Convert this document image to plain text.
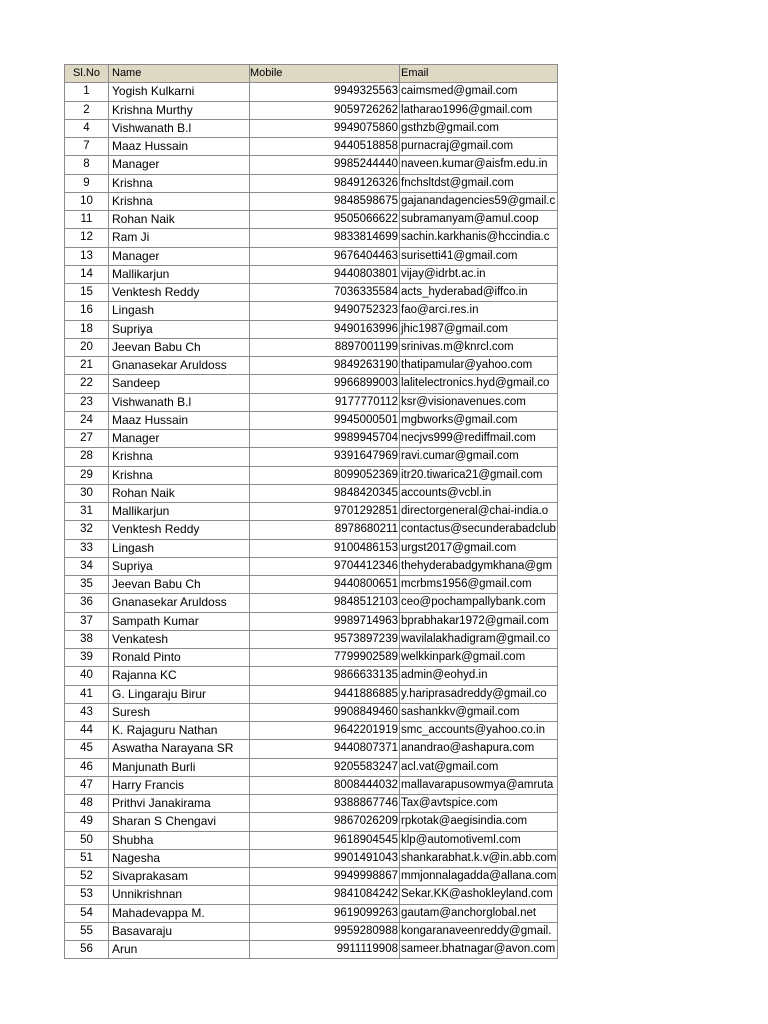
Sl.No	Name	Mobile	Email
1	Yogish Kulkarni	9949325563	caimsmed@gmail.com
2	Krishna Murthy	9059726262	latharao1996@gmail.com
4	Vishwanath B.l	9949075860	gsthzb@gmail.com
7	Maaz Hussain	9440518858	purnacraj@gmail.com
8	Manager	9985244440	naveen.kumar@aisfm.edu.in
9	Krishna	9849126326	fnchsltdst@gmail.com
10	Krishna	9848598675	gajanandagencies59@gmail.c
11	Rohan Naik	9505066622	subramanyam@amul.coop
12	Ram Ji	9833814699	sachin.karkhanis@hccindia.c
13	Manager	9676404463	surisetti41@gmail.com
14	Mallikarjun	9440803801	vijay@idrbt.ac.in
15	Venktesh Reddy	7036335584	acts_hyderabad@iffco.in
16	Lingash	9490752323	fao@arci.res.in
18	Supriya	9490163996	jhic1987@gmail.com
20	Jeevan Babu Ch	8897001199	srinivas.m@knrcl.com
21	Gnanasekar Aruldoss	9849263190	thatipamular@yahoo.com
22	Sandeep	9966899003	lalitelectronics.hyd@gmail.co
23	Vishwanath B.l	9177770112	ksr@visionavenues.com
24	Maaz Hussain	9945000501	mgbworks@gmail.com
27	Manager	9989945704	necjvs999@rediffmail.com
28	Krishna	9391647969	ravi.cumar@gmail.com
29	Krishna	8099052369	itr20.tiwarica21@gmail.com
30	Rohan Naik	9848420345	accounts@vcbl.in
31	Mallikarjun	9701292851	directorgeneral@chai-india.o
32	Venktesh Reddy	8978680211	contactus@secunderabadclub
33	Lingash	9100486153	urgst2017@gmail.com
34	Supriya	9704412346	thehyderabadgymkhana@gm
35	Jeevan Babu Ch	9440800651	mcrbms1956@gmail.com
36	Gnanasekar Aruldoss	9848512103	ceo@pochampallybank.com
37	Sampath Kumar	9989714963	bprabhakar1972@gmail.com
38	Venkatesh	9573897239	wavilalakhadigram@gmail.co
39	Ronald Pinto	7799902589	welkkinpark@gmail.com
40	Rajanna KC	9866633135	admin@eohyd.in
41	G. Lingaraju Birur	9441886885	y.hariprasadreddy@gmail.co
43	Suresh	9908849460	sashankkv@gmail.com
44	K. Rajaguru Nathan	9642201919	smc_accounts@yahoo.co.in
45	Aswatha Narayana SR	9440807371	anandrao@ashapura.com
46	Manjunath Burli	9205583247	acl.vat@gmail.com
47	Harry Francis	8008444032	mallavarapusowmya@amruta
48	Prithvi Janakirama	9388867746	Tax@avtspice.com
49	Sharan S Chengavi	9867026209	rpkotak@aegisindia.com
50	Shubha	9618904545	klp@automotiveml.com
51	Nagesha	9901491043	shankarabhat.k.v@in.abb.com
52	Sivaprakasam	9949998867	mmjonnalagadda@allana.com
53	Unnikrishnan	9841084242	Sekar.KK@ashokleyland.com
54	Mahadevappa M.	9619099263	gautam@anchorglobal.net
55	Basavaraju	9959280988	kongaranaveenreddy@gmail.
56	Arun	9911119908	sameer.bhatnagar@avon.com
